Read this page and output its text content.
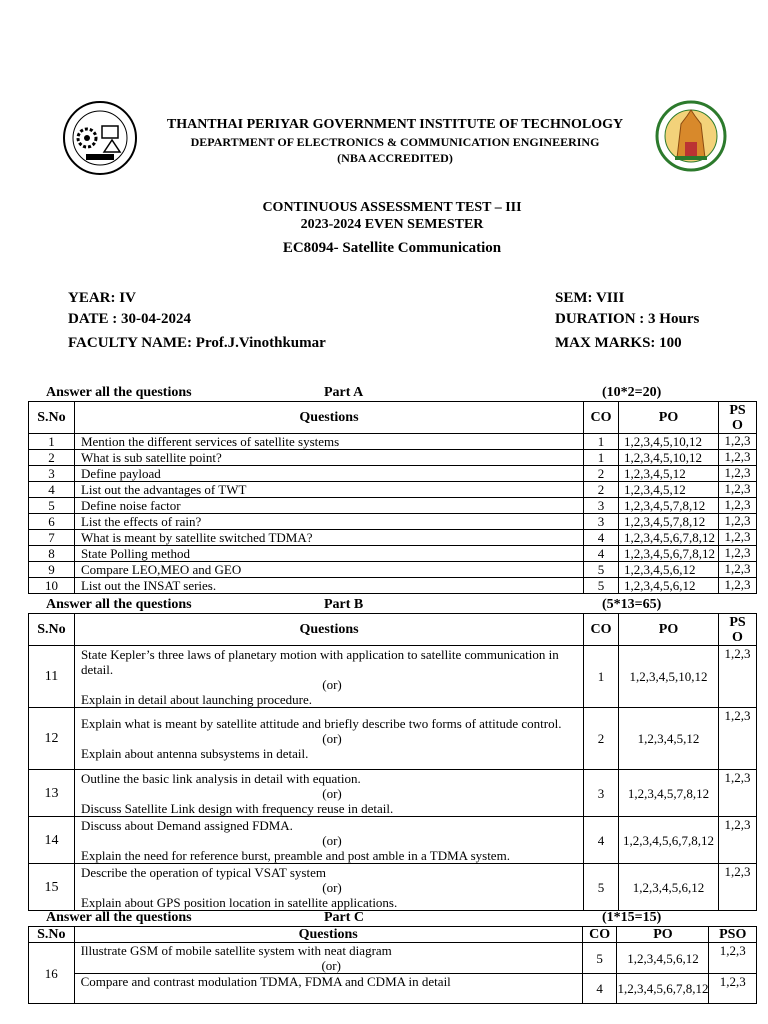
THANTHAI PERIYAR GOVERNMENT INSTITUTE OF TECHNOLOGY
DEPARTMENT OF ELECTRONICS & COMMUNICATION ENGINEERING
(NBA ACCREDITED)
CONTINUOUS ASSESSMENT TEST – III
2023-2024 EVEN SEMESTER
EC8094- Satellite Communication
YEAR: IV	SEM: VIII
DATE : 30-04-2024	DURATION : 3 Hours
FACULTY NAME: Prof.J.Vinothkumar	MAX MARKS: 100
Answer all the questions	Part A	(10*2=20)
S.No	Questions	CO	PO	PS
O
1	Mention the different services of satellite systems	1	1,2,3,4,5,10,12	1,2,3
2	What is sub satellite point?	1	1,2,3,4,5,10,12	1,2,3
3	Define payload	2	1,2,3,4,5,12	1,2,3
4	List out the advantages of TWT	2	1,2,3,4,5,12	1,2,3
5	Define noise factor	3	1,2,3,4,5,7,8,12	1,2,3
6	List the effects of rain?	3	1,2,3,4,5,7,8,12	1,2,3
7	What is meant by satellite switched TDMA?	4	1,2,3,4,5,6,7,8,12	1,2,3
8	State Polling method	4	1,2,3,4,5,6,7,8,12	1,2,3
9	Compare LEO,MEO and GEO	5	1,2,3,4,5,6,12	1,2,3
10	List out the INSAT series.	5	1,2,3,4,5,6,12	1,2,3
Answer all the questions	Part B	(5*13=65)
S.No	Questions	CO	PO	PS
O
11	State Kepler’s three laws of planetary motion with application to satellite communication in detail.
(or)
Explain in detail about launching procedure.	1	1,2,3,4,5,10,12	1,2,3
12	Explain what is meant by satellite attitude and briefly describe two forms of attitude control.
(or)
Explain about antenna subsystems in detail.	2	1,2,3,4,5,12	1,2,3
13	Outline the basic link analysis in detail with equation.
(or)
Discuss Satellite Link design with frequency reuse in detail.	3	1,2,3,4,5,7,8,12	1,2,3
14	Discuss about Demand assigned FDMA.
(or)
Explain the need for reference burst, preamble and post amble in a TDMA system.	4	1,2,3,4,5,6,7,8,12	1,2,3
15	Describe the operation of typical VSAT system
(or)
Explain about GPS position location in satellite applications.	5	1,2,3,4,5,6,12	1,2,3
Answer all the questions	Part C	(1*15=15)
S.No	Questions	CO	PO	PSO
16	Illustrate GSM of mobile satellite system with neat diagram
(or)	5	1,2,3,4,5,6,12	1,2,3
	Compare and contrast modulation TDMA, FDMA and CDMA in detail	4	1,2,3,4,5,6,7,8,12	1,2,3
